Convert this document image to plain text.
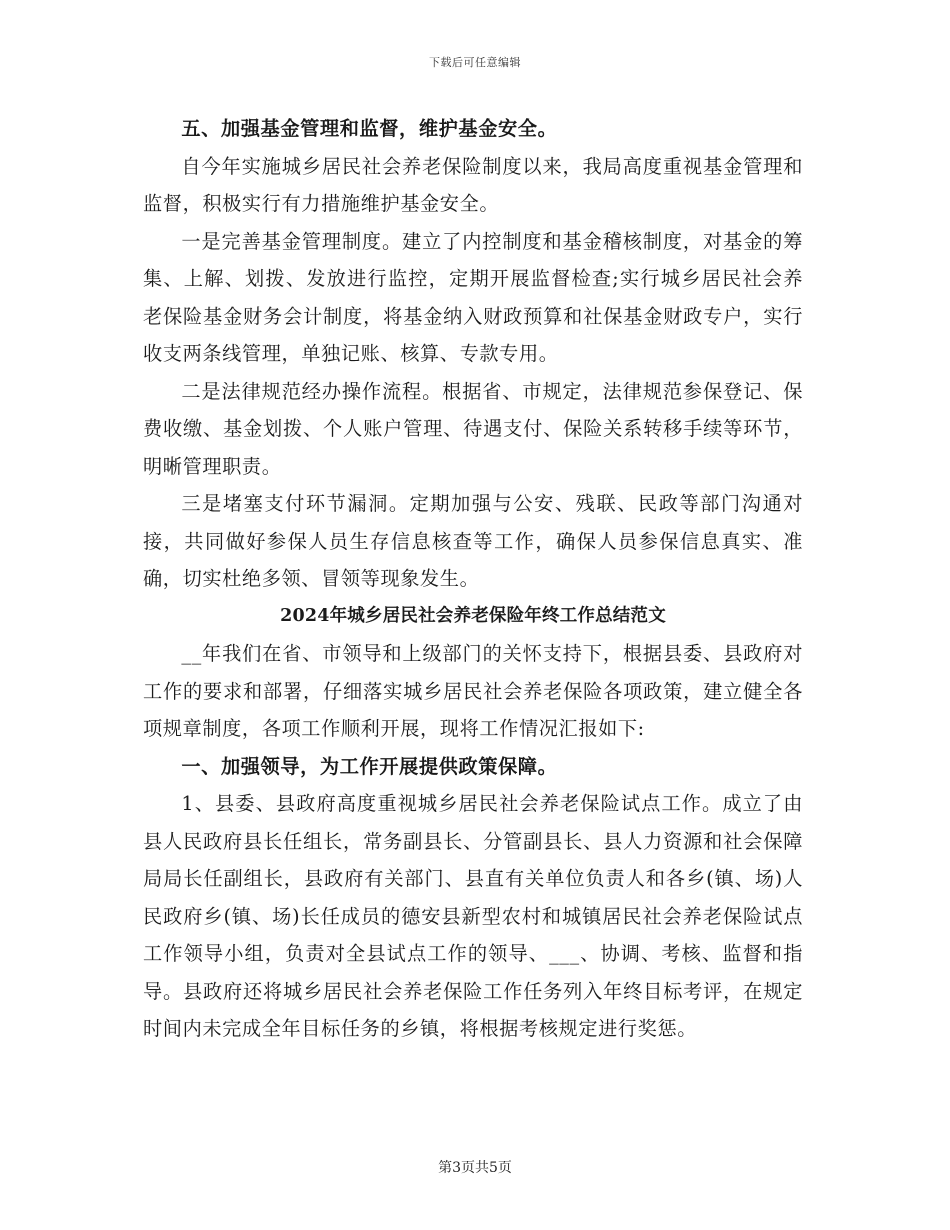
下载后可任意编辑

五、加强基金管理和监督，维护基金安全。

自今年实施城乡居民社会养老保险制度以来，我局高度重视基金管理和监督，积极实行有力措施维护基金安全。

一是完善基金管理制度。建立了内控制度和基金稽核制度，对基金的筹集、上解、划拨、发放进行监控，定期开展监督检查;实行城乡居民社会养老保险基金财务会计制度，将基金纳入财政预算和社保基金财政专户，实行收支两条线管理，单独记账、核算、专款专用。

二是法律规范经办操作流程。根据省、市规定，法律规范参保登记、保费收缴、基金划拨、个人账户管理、待遇支付、保险关系转移手续等环节，明晰管理职责。

三是堵塞支付环节漏洞。定期加强与公安、残联、民政等部门沟通对接，共同做好参保人员生存信息核查等工作，确保人员参保信息真实、准确，切实杜绝多领、冒领等现象发生。

2024年城乡居民社会养老保险年终工作总结范文

__年我们在省、市领导和上级部门的关怀支持下，根据县委、县政府对工作的要求和部署，仔细落实城乡居民社会养老保险各项政策，建立健全各项规章制度，各项工作顺利开展，现将工作情况汇报如下:

一、加强领导，为工作开展提供政策保障。

1、县委、县政府高度重视城乡居民社会养老保险试点工作。成立了由县人民政府县长任组长，常务副县长、分管副县长、县人力资源和社会保障局局长任副组长，县政府有关部门、县直有关单位负责人和各乡(镇、场)人民政府乡(镇、场)长任成员的德安县新型农村和城镇居民社会养老保险试点工作领导小组，负责对全县试点工作的领导、___、协调、考核、监督和指导。县政府还将城乡居民社会养老保险工作任务列入年终目标考评，在规定时间内未完成全年目标任务的乡镇，将根据考核规定进行奖惩。

第3页共5页
